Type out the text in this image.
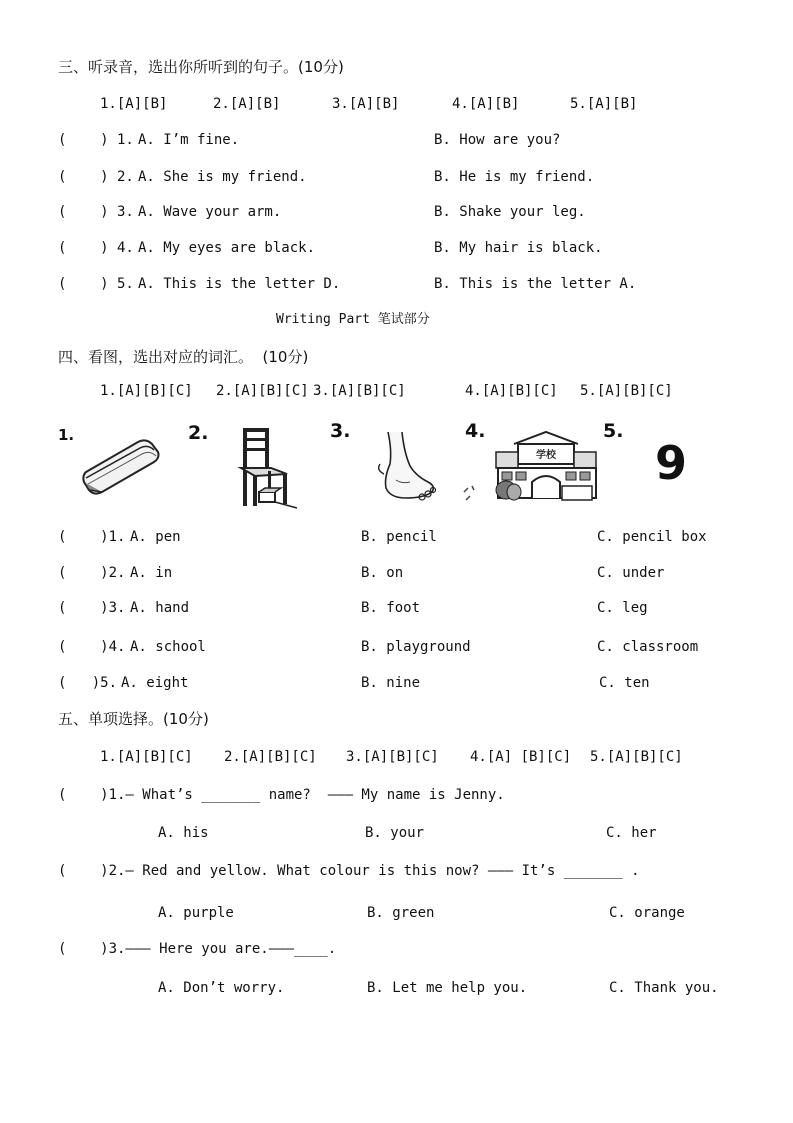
三、听录音，选出你所听到的句子。(10分)
1.[A][B]	2.[A][B]	3.[A][B]	4.[A][B]	5.[A][B]
(    ) 1. A. I’m fine.	B. How are you?
(    ) 2. A. She is my friend.	B. He is my friend.
(    ) 3. A. Wave your arm.	B. Shake your leg.
(    ) 4. A. My eyes are black.	B. My hair is black.
(    ) 5. A. This is the letter D.	B. This is the letter A.
Writing Part 笔试部分
四、看图，选出对应的词汇。  (10分)
1.[A][B][C] 2.[A][B][C] 3.[A][B][C]	4.[A][B][C] 5.[A][B][C]
1.	2.	3.	4.	5.
学校 9
(    )1. A. pen	B. pencil	C. pencil box
(    )2. A. in	B. on	C. under
(    )3. A. hand	B. foot	C. leg
(    )4. A. school	B. playground	C. classroom
(   )5. A. eight	B. nine	C. ten
五、单项选择。(10分)
1.[A][B][C] 2.[A][B][C] 3.[A][B][C] 4.[A] [B][C] 5.[A][B][C]
(    )1.— What’s _______ name?  ——— My name is Jenny.
A. his	B. your	C. her
(    )2.— Red and yellow. What colour is this now? ——— It’s _______ .
A. purple	B. green	C. orange
(    )3.——— Here you are.———____.
A. Don’t worry.	B. Let me help you.	C. Thank you.
